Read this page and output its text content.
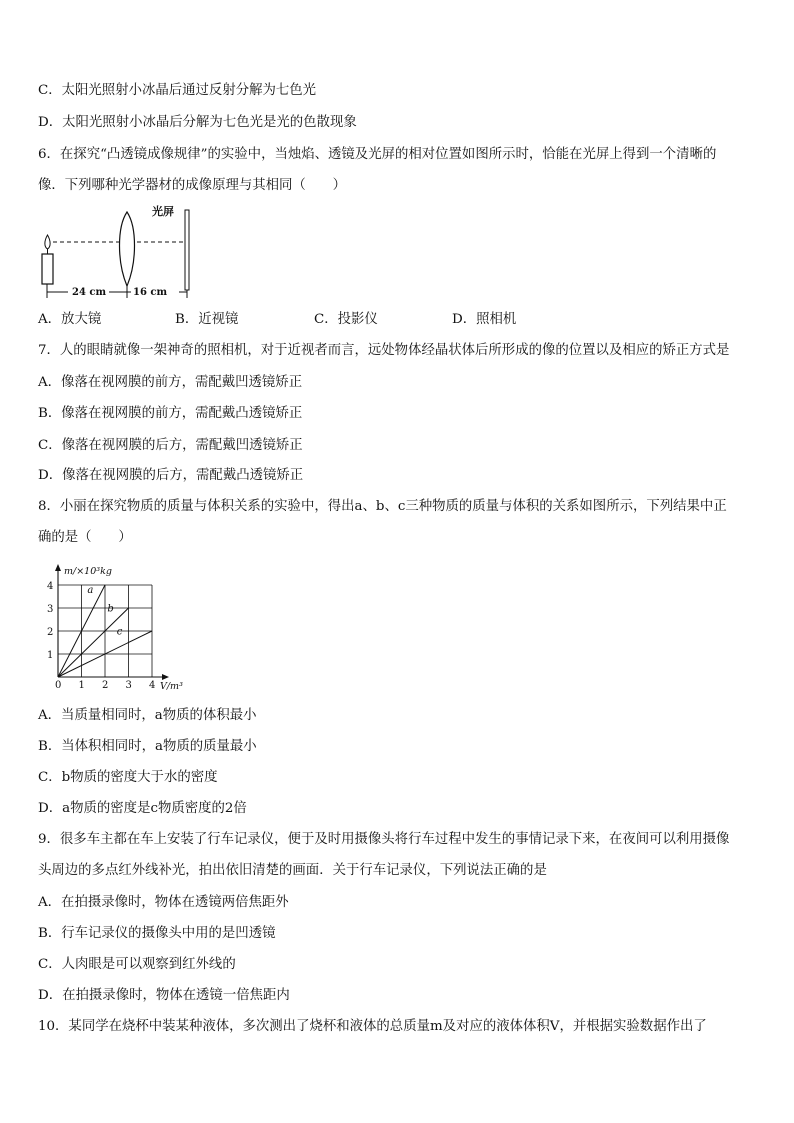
C．太阳光照射小冰晶后通过反射分解为七色光
D．太阳光照射小冰晶后分解为七色光是光的色散现象
6．在探究“凸透镜成像规律”的实验中，当烛焰、透镜及光屏的相对位置如图所示时，恰能在光屏上得到一个清晰的
像．下列哪种光学器材的成像原理与其相同（　　）
光屏
24 cm	16 cm
A．放大镜	B．近视镜	C．投影仪	D．照相机
7．人的眼睛就像一架神奇的照相机，对于近视者而言，远处物体经晶状体后所形成的像的位置以及相应的矫正方式是
A．像落在视网膜的前方，需配戴凹透镜矫正
B．像落在视网膜的前方，需配戴凸透镜矫正
C．像落在视网膜的后方，需配戴凹透镜矫正
D．像落在视网膜的后方，需配戴凸透镜矫正
8．小丽在探究物质的质量与体积关系的实验中，得出a、b、c三种物质的质量与体积的关系如图所示，下列结果中正
确的是（　　）
1 2 3 4
1
2
3
4
0
m/×10³kg
V/m³
a
b
c
A．当质量相同时，a物质的体积最小
B．当体积相同时，a物质的质量最小
C．b物质的密度大于水的密度
D．a物质的密度是c物质密度的2倍
9．很多车主都在车上安装了行车记录仪，便于及时用摄像头将行车过程中发生的事情记录下来，在夜间可以利用摄像
头周边的多点红外线补光，拍出依旧清楚的画面．关于行车记录仪，下列说法正确的是
A．在拍摄录像时，物体在透镜两倍焦距外
B．行车记录仪的摄像头中用的是凹透镜
C．人肉眼是可以观察到红外线的
D．在拍摄录像时，物体在透镜一倍焦距内
10．某同学在烧杯中装某种液体，多次测出了烧杯和液体的总质量m及对应的液体体积V，并根据实验数据作出了
